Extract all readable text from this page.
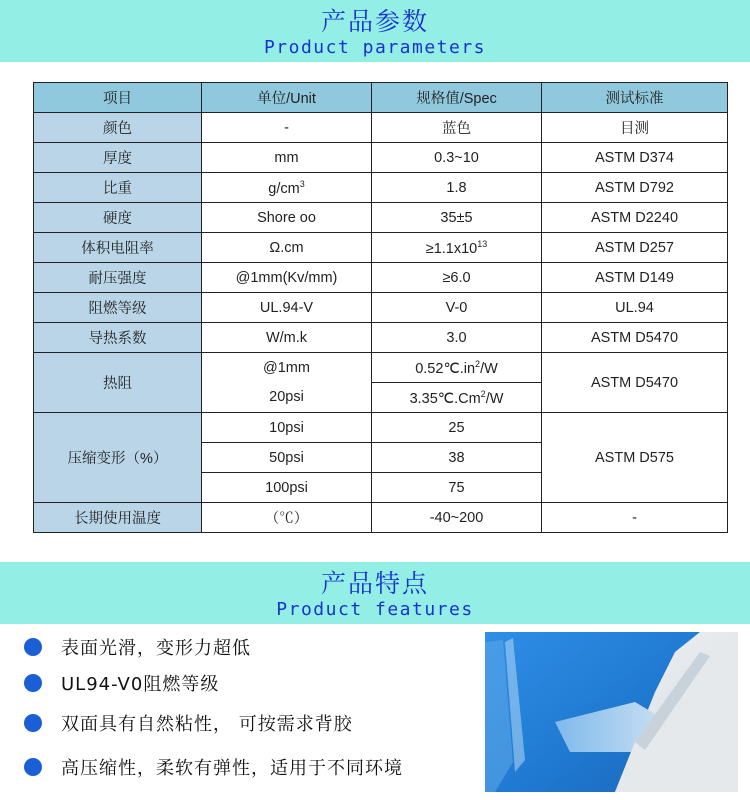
产品参数
Product parameters
项目	单位/Unit	规格值/Spec	测试标准
颜色	-	蓝色	目测
厚度	mm	0.3~10	ASTM D374
比重	$g/cm^3$	1.8	ASTM D792
硬度	Shore oo	35±5	ASTM D2240
体积电阻率	Ω.cm	$\ge 1.1x10^{13}$	ASTM D257
耐压强度	@1mm(Kv/mm)	≥6.0	ASTM D149
阻燃等级	UL.94-V	V-0	UL.94
导热系数	W/m.k	3.0	ASTM D5470
热阻	@1mm	$0.52℃.in^2/W$	ASTM D5470
	20psi	3.35℃.Cm$^2$/W	
压缩变形（%）	10psi	25	ASTM D575
	50psi	38	
	100psi	75	
长期使用温度	（℃）	-40~200	-
产品特点
Product features
表面光滑，变形力超低
UL94-V0阻燃等级
双面具有自然粘性， 可按需求背胶
高压缩性，柔软有弹性，适用于不同环境
